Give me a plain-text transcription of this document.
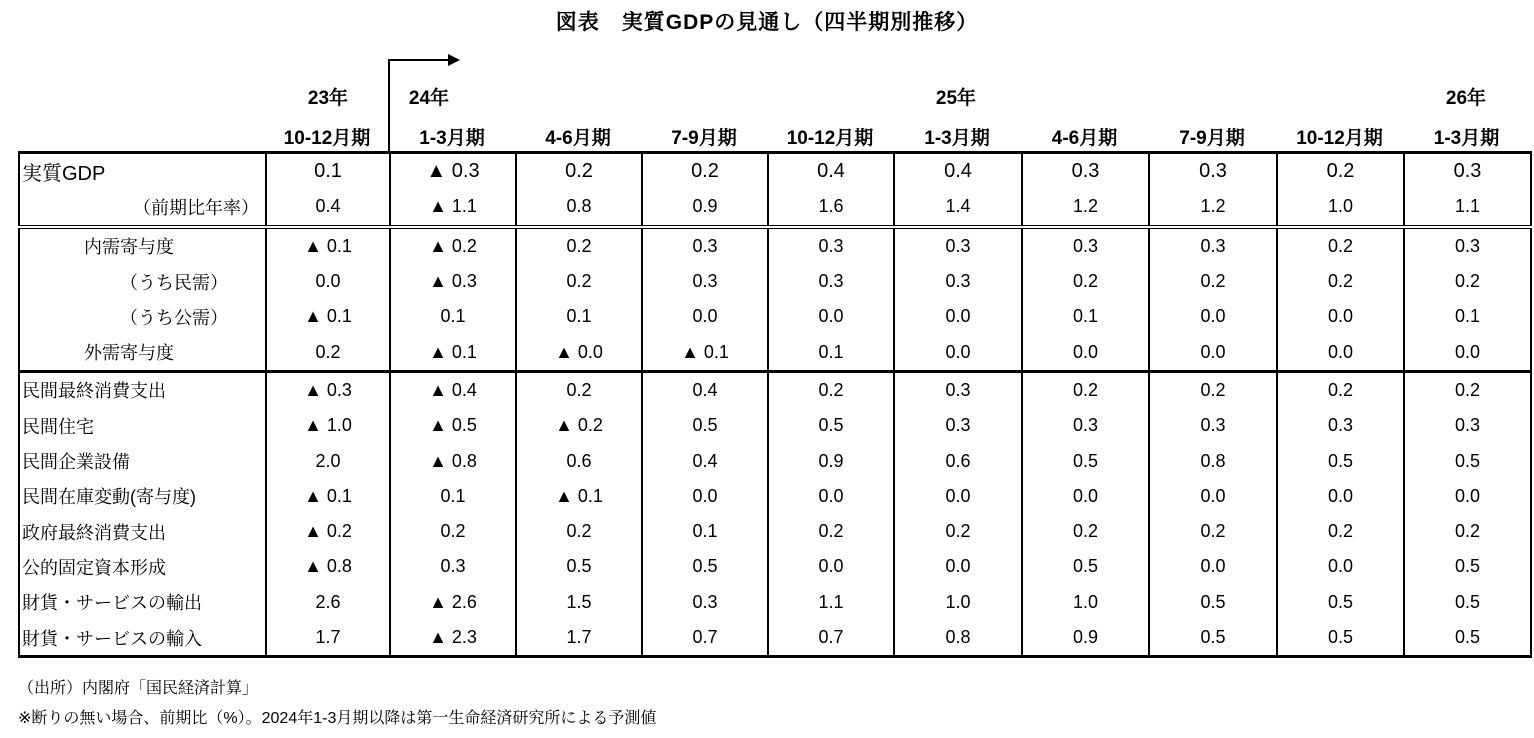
図表　実質GDPの見通し（四半期別推移）
23年	24年	25年	26年
10-12月期	1-3月期	4-6月期	7-9月期	10-12月期	1-3月期	4-6月期	7-9月期	10-12月期	1-3月期
実質GDP	0.1	▲ 0.3	0.2	0.2	0.4	0.4	0.3	0.3	0.2	0.3
（前期比年率）	0.4	▲ 1.1	0.8	0.9	1.6	1.4	1.2	1.2	1.0	1.1
内需寄与度	▲ 0.1	▲ 0.2	0.2	0.3	0.3	0.3	0.3	0.3	0.2	0.3
（うち民需）	0.0	▲ 0.3	0.2	0.3	0.3	0.3	0.2	0.2	0.2	0.2
（うち公需）	▲ 0.1	0.1	0.1	0.0	0.0	0.0	0.1	0.0	0.0	0.1
外需寄与度	0.2	▲ 0.1	▲ 0.0	▲ 0.1	0.1	0.0	0.0	0.0	0.0	0.0
民間最終消費支出	▲ 0.3	▲ 0.4	0.2	0.4	0.2	0.3	0.2	0.2	0.2	0.2
民間住宅	▲ 1.0	▲ 0.5	▲ 0.2	0.5	0.5	0.3	0.3	0.3	0.3	0.3
民間企業設備	2.0	▲ 0.8	0.6	0.4	0.9	0.6	0.5	0.8	0.5	0.5
民間在庫変動(寄与度)	▲ 0.1	0.1	▲ 0.1	0.0	0.0	0.0	0.0	0.0	0.0	0.0
政府最終消費支出	▲ 0.2	0.2	0.2	0.1	0.2	0.2	0.2	0.2	0.2	0.2
公的固定資本形成	▲ 0.8	0.3	0.5	0.5	0.0	0.0	0.5	0.0	0.0	0.5
財貨・サービスの輸出	2.6	▲ 2.6	1.5	0.3	1.1	1.0	1.0	0.5	0.5	0.5
財貨・サービスの輸入	1.7	▲ 2.3	1.7	0.7	0.7	0.8	0.9	0.5	0.5	0.5
（出所）内閣府「国民経済計算」
※断りの無い場合、前期比（%）。2024年1-3月期以降は第一生命経済研究所による予測値
